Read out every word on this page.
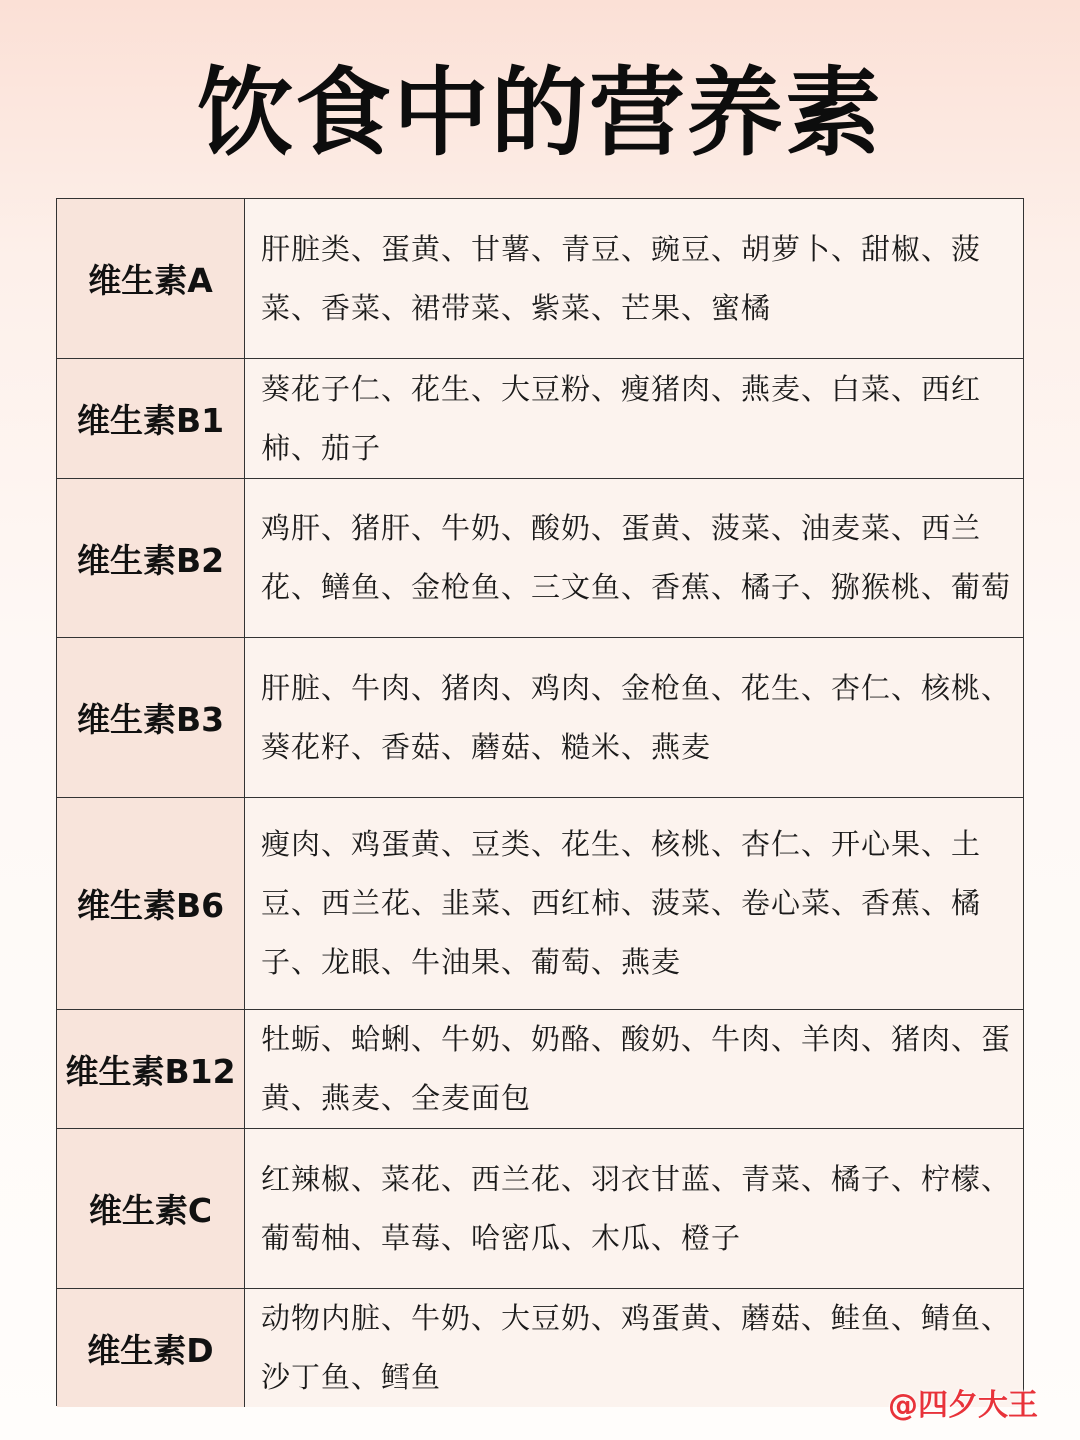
饮食中的营养素
维生素A
肝脏类、蛋黄、甘薯、青豆、豌豆、胡萝卜、甜椒、菠菜、香菜、裙带菜、紫菜、芒果、蜜橘
维生素B1
葵花子仁、花生、大豆粉、瘦猪肉、燕麦、白菜、西红柿、茄子
维生素B2
鸡肝、猪肝、牛奶、酸奶、蛋黄、菠菜、油麦菜、西兰花、鳝鱼、金枪鱼、三文鱼、香蕉、橘子、猕猴桃、葡萄
维生素B3
肝脏、牛肉、猪肉、鸡肉、金枪鱼、花生、杏仁、核桃、葵花籽、香菇、蘑菇、糙米、燕麦
维生素B6
瘦肉、鸡蛋黄、豆类、花生、核桃、杏仁、开心果、土豆、西兰花、韭菜、西红柿、菠菜、卷心菜、香蕉、橘子、龙眼、牛油果、葡萄、燕麦
维生素B12
牡蛎、蛤蜊、牛奶、奶酪、酸奶、牛肉、羊肉、猪肉、蛋黄、燕麦、全麦面包
维生素C
红辣椒、菜花、西兰花、羽衣甘蓝、青菜、橘子、柠檬、葡萄柚、草莓、哈密瓜、木瓜、橙子
维生素D
动物内脏、牛奶、大豆奶、鸡蛋黄、蘑菇、鲑鱼、鲭鱼、沙丁鱼、鳕鱼
@四夕大王
